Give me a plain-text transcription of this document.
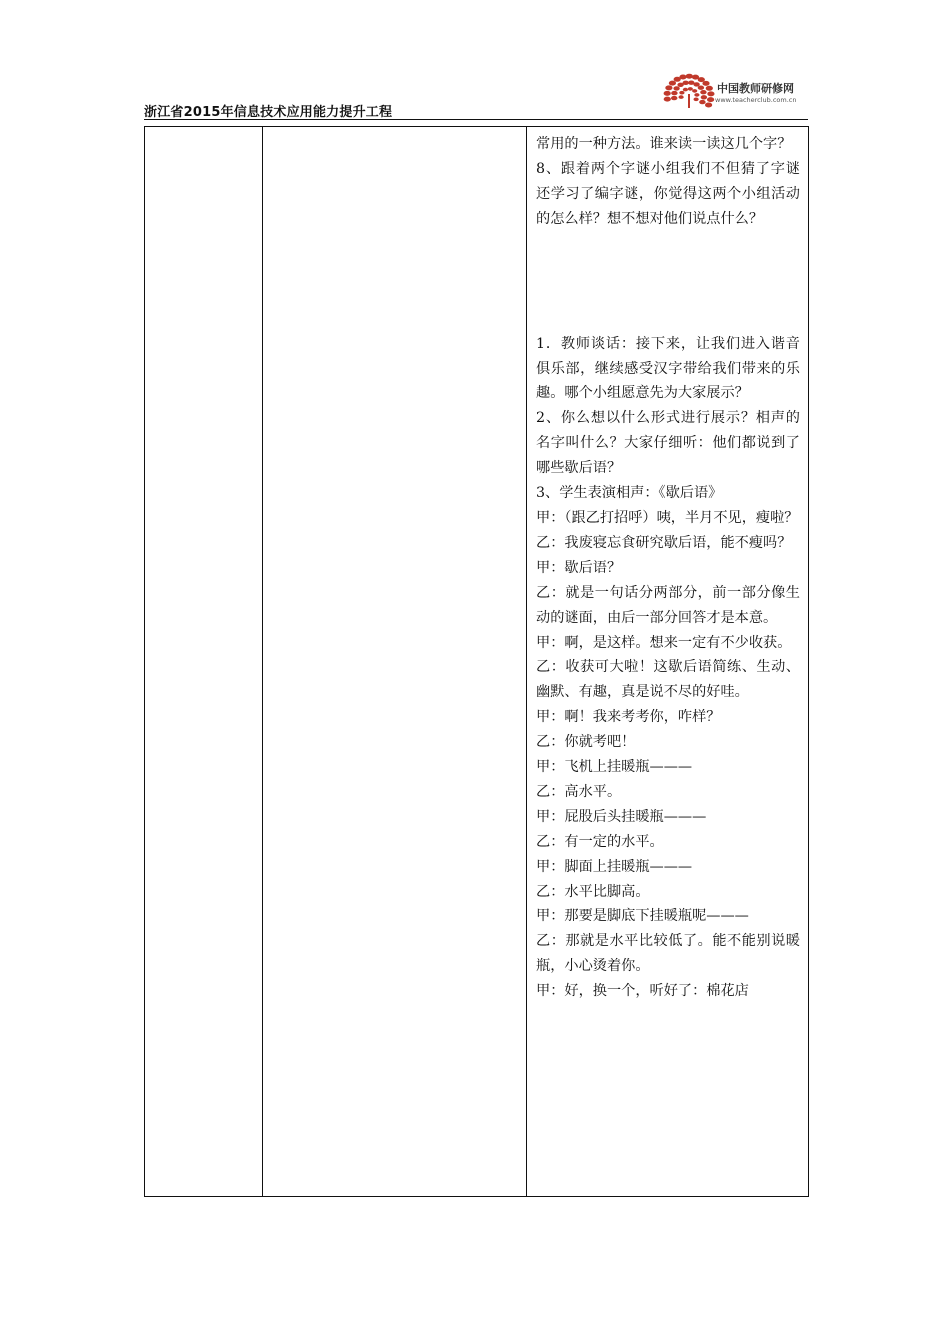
浙江省2015年信息技术应用能力提升工程
中国教师研修网
www.teacherclub.com.cn

常用的一种方法。谁来读一读这几个字？

8、跟着两个字谜小组我们不但猜了字谜还学习了编字谜，你觉得这两个小组活动的怎么样？想不想对他们说点什么？

1．教师谈话：接下来，让我们进入谐音俱乐部，继续感受汉字带给我们带来的乐趣。哪个小组愿意先为大家展示？

2、你么想以什么形式进行展示？相声的名字叫什么？大家仔细听：他们都说到了哪些歇后语？

3、学生表演相声：《歇后语》

甲：（跟乙打招呼）咦，半月不见，瘦啦？

乙：我废寝忘食研究歇后语，能不瘦吗？

甲：歇后语？

乙：就是一句话分两部分，前一部分像生动的谜面，由后一部分回答才是本意。

甲：啊，是这样。想来一定有不少收获。

乙：收获可大啦！这歇后语简练、生动、幽默、有趣，真是说不尽的好哇。

甲：啊！我来考考你，咋样？

乙：你就考吧！

甲：飞机上挂暖瓶———

乙：高水平。

甲：屁股后头挂暖瓶———

乙：有一定的水平。

甲：脚面上挂暖瓶———

乙：水平比脚高。

甲：那要是脚底下挂暖瓶呢———

乙：那就是水平比较低了。能不能别说暖瓶，小心烫着你。

甲：好，换一个，听好了：棉花店
